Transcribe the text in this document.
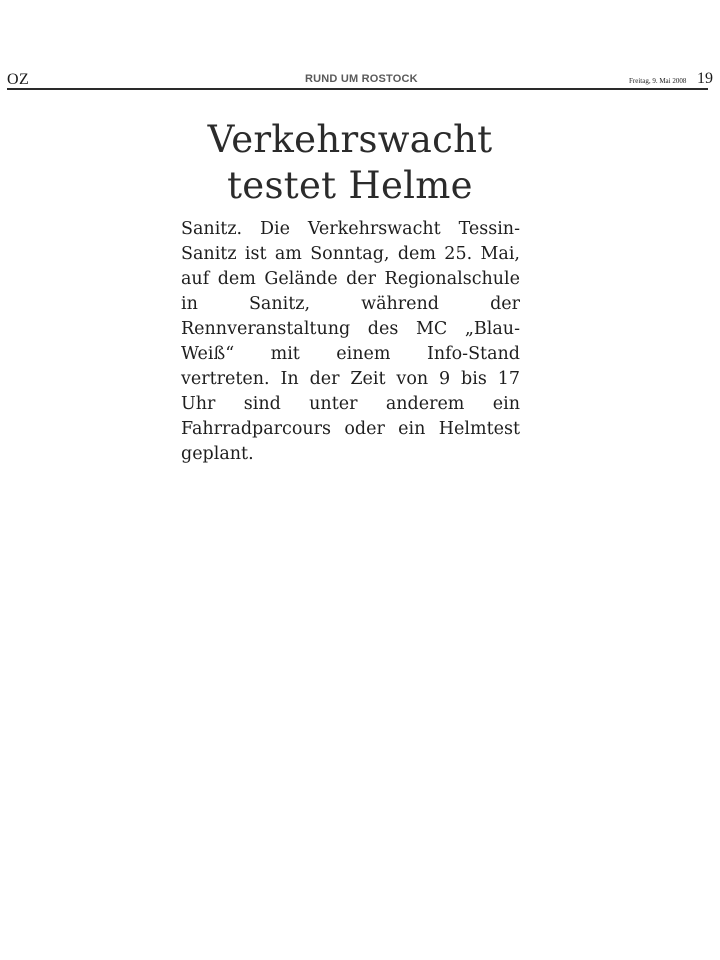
OZ	RUND UM ROSTOCK	Freitag, 9. Mai 2008 19
Verkehrswacht
testet Helme

Sanitz. Die Verkehrswacht Tessin-Sanitz ist am Sonntag, dem 25. Mai, auf dem Gelände der Regionalschule in Sanitz, während der Rennveranstaltung des MC „Blau-Weiß“ mit einem Info-Stand vertreten. In der Zeit von 9 bis 17 Uhr sind unter anderem ein Fahrradparcours oder ein Helmtest geplant.
